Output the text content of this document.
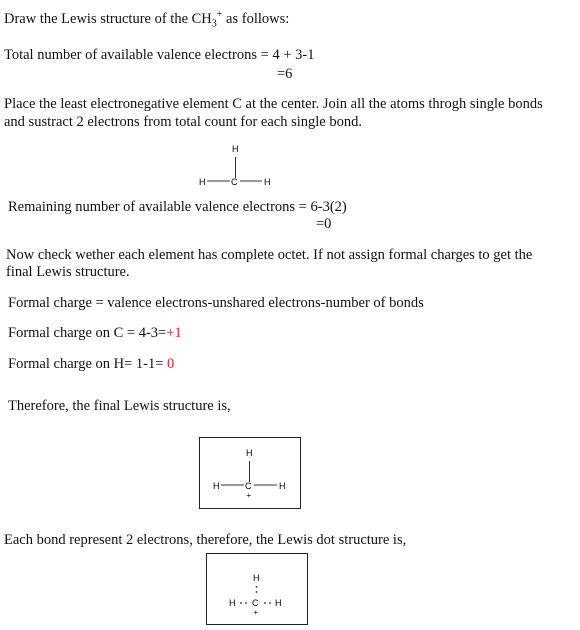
Draw the Lewis structure of the $CH_3^+$ as follows:
Total number of available valence electrons = 4 + 3-1
=6
Place the least electronegative element C at the center. Join all the atoms throgh single bonds
and sustract 2 electrons from total count for each single bond.
H
H	C	H
Remaining number of available valence electrons = 6-3(2)
=0
Now check wether each element has complete octet. If not assign formal charges to get the
final Lewis structure.
Formal charge = valence electrons-unshared electrons-number of bonds
Formal charge on C = 4-3=+1
Formal charge on H= 1-1= 0
Therefore, the final Lewis structure is,
H
H	C	H
+
Each bond represent 2 electrons, therefore, the Lewis dot structure is,
H
H C H
+
